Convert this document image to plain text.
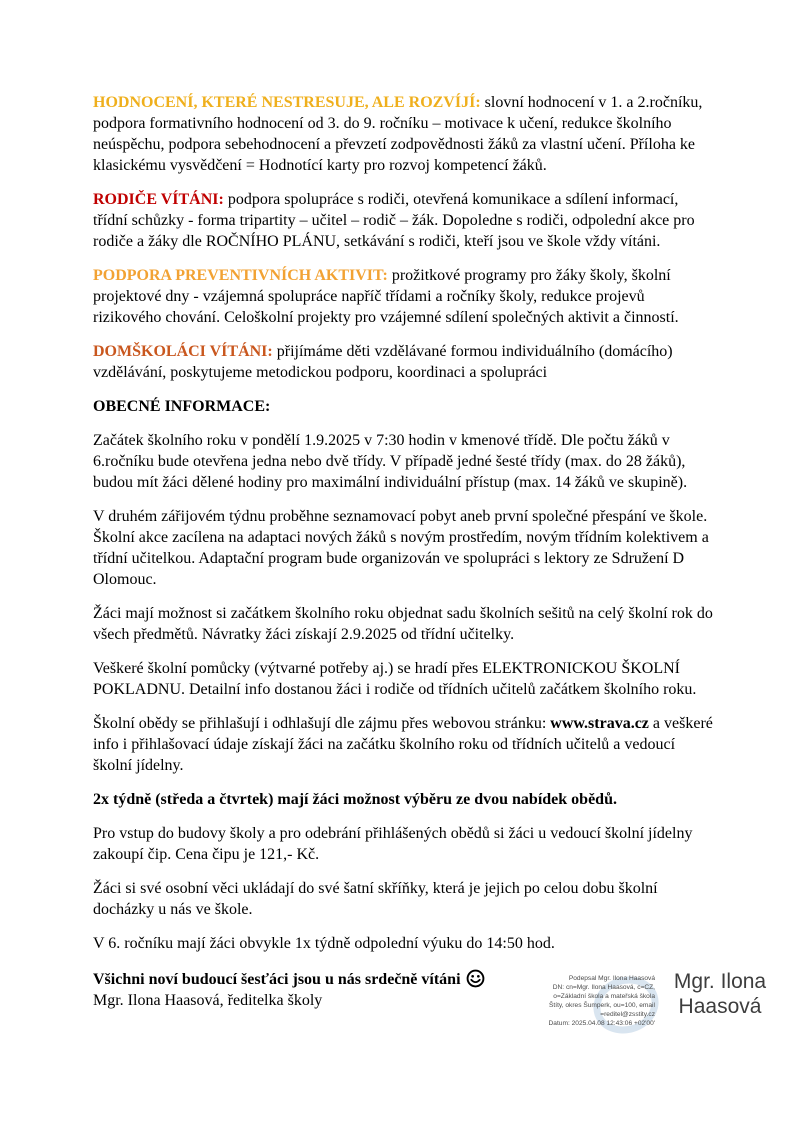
HODNOCENÍ, KTERÉ NESTRESUJE, ALE ROZVÍJÍ: slovní hodnocení v 1. a 2.ročníku, podpora formativního hodnocení od 3. do 9. ročníku – motivace k učení, redukce školního neúspěchu, podpora sebehodnocení a převzetí zodpovědnosti žáků za vlastní učení. Příloha ke klasickému vysvědčení = Hodnotící karty pro rozvoj kompetencí žáků.

RODIČE VÍTÁNI: podpora spolupráce s rodiči, otevřená komunikace a sdílení informací, třídní schůzky - forma tripartity – učitel – rodič – žák. Dopoledne s rodiči, odpolední akce pro rodiče a žáky dle ROČNÍHO PLÁNU, setkávání s rodiči, kteří jsou ve škole vždy vítáni.

PODPORA PREVENTIVNÍCH AKTIVIT: prožitkové programy pro žáky školy, školní projektové dny - vzájemná spolupráce napříč třídami a ročníky školy, redukce projevů rizikového chování. Celoškolní projekty pro vzájemné sdílení společných aktivit a činností.

DOMŠKOLÁCI VÍTÁNI: přijímáme děti vzdělávané formou individuálního (domácího) vzdělávání, poskytujeme metodickou podporu, koordinaci a spolupráci

OBECNÉ INFORMACE:

Začátek školního roku v pondělí 1.9.2025 v 7:30 hodin v kmenové třídě. Dle počtu žáků v 6.ročníku bude otevřena jedna nebo dvě třídy. V případě jedné šesté třídy (max. do 28 žáků), budou mít žáci dělené hodiny pro maximální individuální přístup (max. 14 žáků ve skupině).

V druhém zářijovém týdnu proběhne seznamovací pobyt aneb první společné přespání ve škole. Školní akce zacílena na adaptaci nových žáků s novým prostředím, novým třídním kolektivem a třídní učitelkou. Adaptační program bude organizován ve spolupráci s lektory ze Sdružení D Olomouc.

Žáci mají možnost si začátkem školního roku objednat sadu školních sešitů na celý školní rok do všech předmětů. Návratky žáci získají 2.9.2025 od třídní učitelky.

Veškeré školní pomůcky (výtvarné potřeby aj.) se hradí přes ELEKTRONICKOU ŠKOLNÍ POKLADNU. Detailní info dostanou žáci i rodiče od třídních učitelů začátkem školního roku.

Školní obědy se přihlašují i odhlašují dle zájmu přes webovou stránku: www.strava.cz a veškeré info i přihlašovací údaje získají žáci na začátku školního roku od třídních učitelů a vedoucí školní jídelny.

2x týdně (středa a čtvrtek) mají žáci možnost výběru ze dvou nabídek obědů.

Pro vstup do budovy školy a pro odebrání přihlášených obědů si žáci u vedoucí školní jídelny zakoupí čip. Cena čipu je 121,- Kč.

Žáci si své osobní věci ukládají do své šatní skříňky, která je jejich po celou dobu školní docházky u nás ve škole.

V 6. ročníku mají žáci obvykle 1x týdně odpolední výuku do 14:50 hod.

Všichni noví budoucí šesťáci jsou u nás srdečně vítáni
Mgr. Ilona Haasová, ředitelka školy
Podepsal Mgr. Ilona Haasová
DN: cn=Mgr. Ilona Haasová, c=CZ,
o=Základní škola a mateřská škola
Štíty, okres Šumperk, ou=100, email
=reditel@zsstity.cz
Datum: 2025.04.08 12:43:06 +02'00'
Mgr. Ilona
Haasová
